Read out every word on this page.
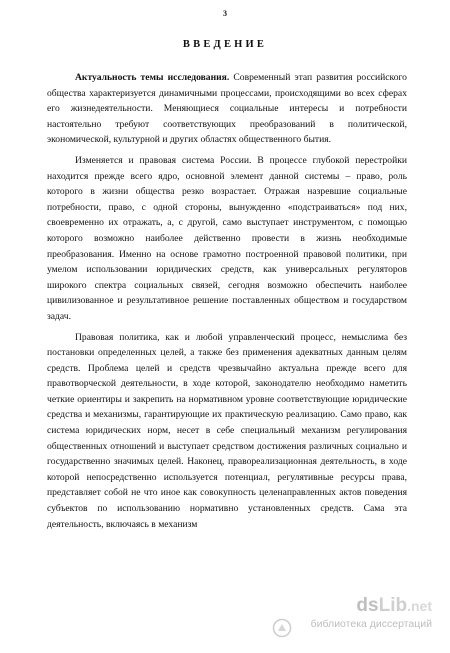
3
ВВЕДЕНИЕ

Актуальность темы исследования. Современный этап развития российского общества характеризуется динамичными процессами, происходящими во всех сферах его жизнедеятельности. Меняющиеся социальные интересы и потребности настоятельно требуют соответствующих преобразований в политической, экономической, культурной и других областях общественного бытия.

Изменяется и правовая система России. В процессе глубокой перестройки находится прежде всего ядро, основной элемент данной системы – право, роль которого в жизни общества резко возрастает. Отражая назревшие социальные потребности, право, с одной стороны, вынужденно «подстраиваться» под них, своевременно их отражать, а, с другой, само выступает инструментом, с помощью которого возможно наиболее действенно провести в жизнь необходимые преобразования. Именно на основе грамотно построенной правовой политики, при умелом использовании юридических средств, как универсальных регуляторов широкого спектра социальных связей, сегодня возможно обеспечить наиболее цивилизованное и результативное решение поставленных обществом и государством задач.

Правовая политика, как и любой управленческий процесс, немыслима без постановки определенных целей, а также без применения адекватных данным целям средств. Проблема целей и средств чрезвычайно актуальна прежде всего для правотворческой деятельности, в ходе которой, законодателю необходимо наметить четкие ориентиры и закрепить на нормативном уровне соответствующие юридические средства и механизмы, гарантирующие их практическую реализацию. Само право, как система юридических норм, несет в себе специальный механизм регулирования общественных отношений и выступает средством достижения различных социально и государственно значимых целей. Наконец, правореализационная деятельность, в ходе которой непосредственно используется потенциал, регулятивные ресурсы права, представляет собой не что иное как совокупность целенаправленных актов поведения субъектов по использованию нормативно установленных средств. Сама эта деятельность, включаясь в механизм

dsLib.net
библиотека диссертаций
